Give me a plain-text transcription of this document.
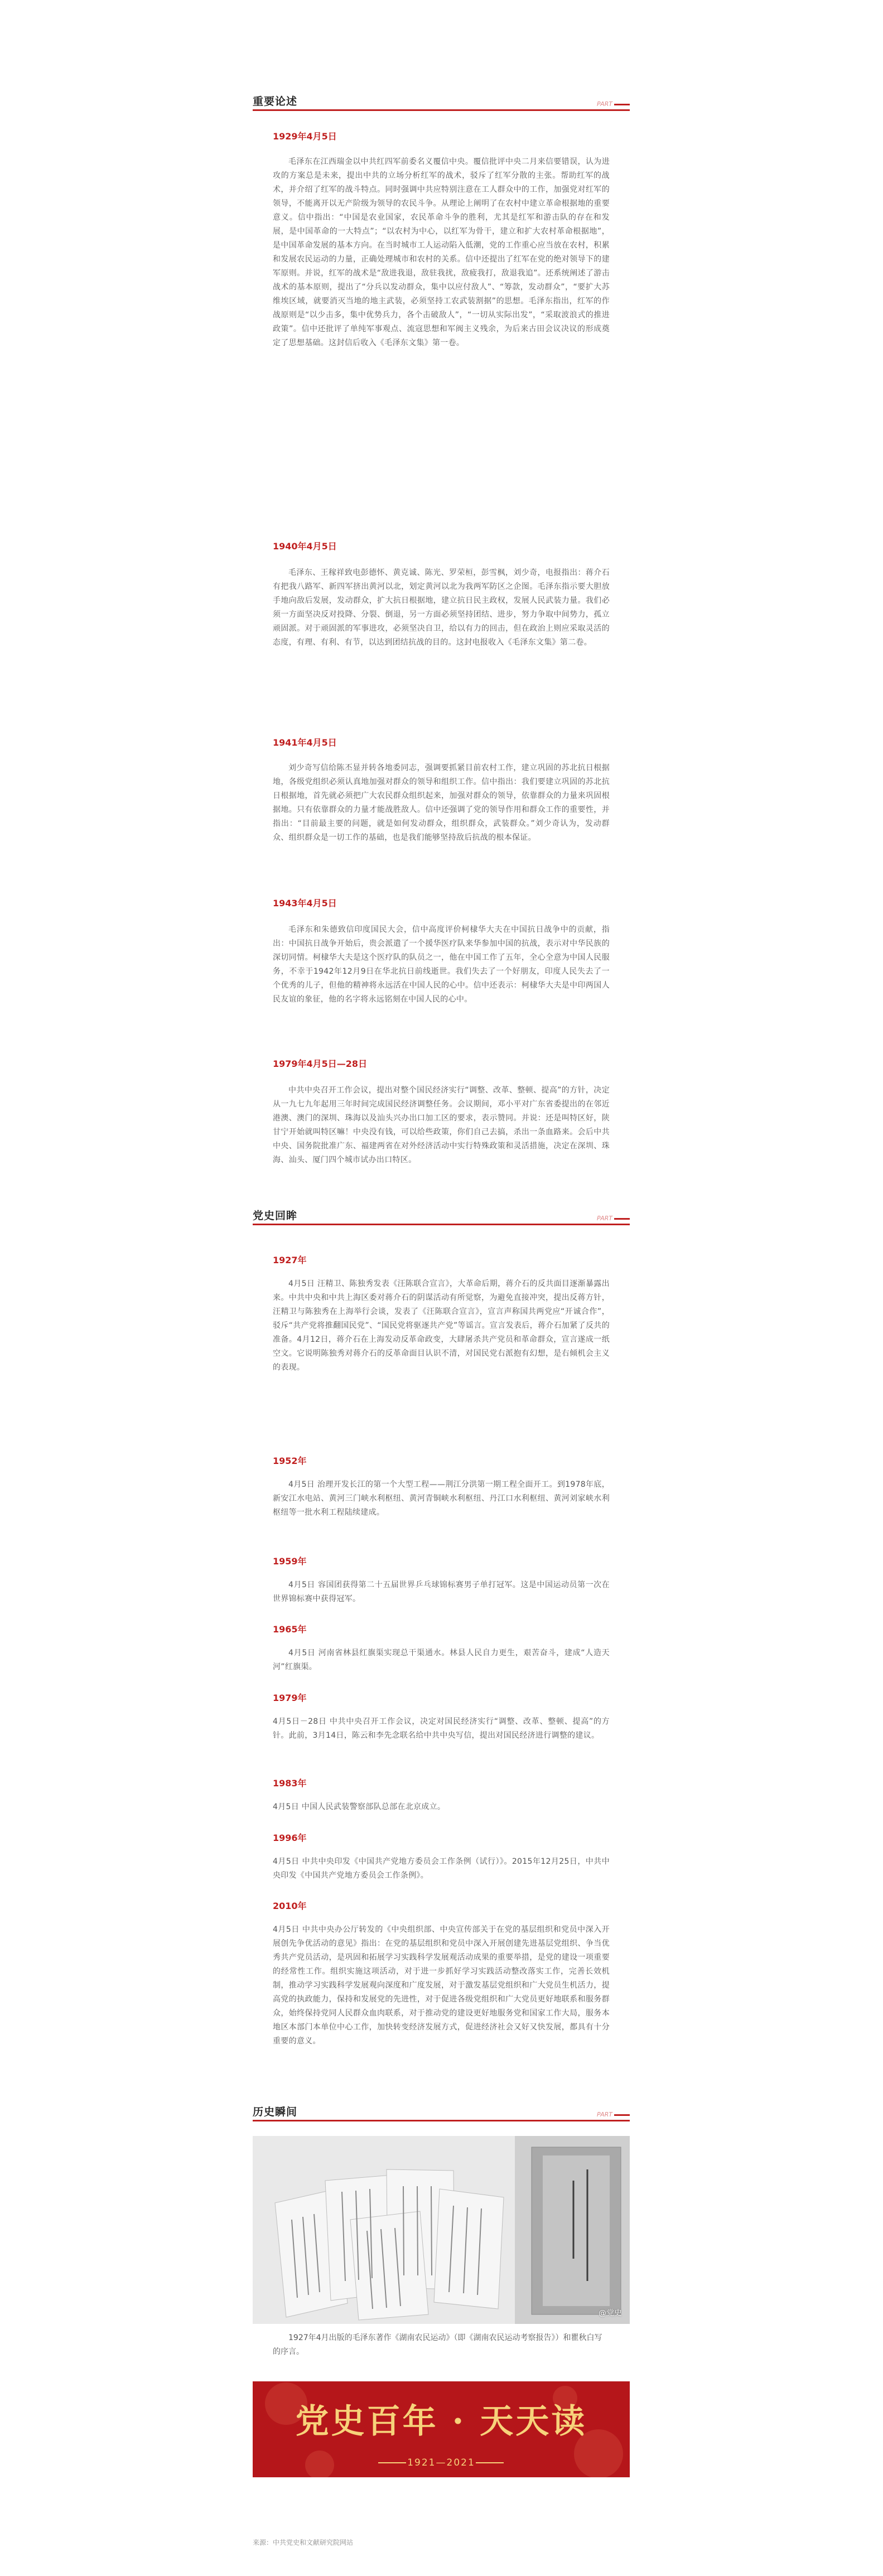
重要论述	PART
1929年4月5日

毛泽东在江西瑞金以中共红四军前委名义覆信中央。覆信批评中央二月来信要错误，认为进攻的方案总是未来，提出中共的立场分析红军的战术，驳斥了红军分散的主张。帮助红军的战术，并介绍了红军的战斗特点。同时强调中共应特别注意在工人群众中的工作，加强党对红军的领导，不能离开以无产阶级为领导的农民斗争。从理论上阐明了在农村中建立革命根据地的重要意义。信中指出：“中国是农业国家，农民革命斗争的胜利，尤其是红军和游击队的存在和发展，是中国革命的一大特点”；“以农村为中心，以红军为骨干，建立和扩大农村革命根据地”，是中国革命发展的基本方向。在当时城市工人运动陷入低潮，党的工作重心应当放在农村，积累和发展农民运动的力量，正确处理城市和农村的关系。信中还提出了红军在党的绝对领导下的建军原则。并说，红军的战术是“敌进我退，敌驻我扰，敌疲我打，敌退我追”。还系统阐述了游击战术的基本原则，提出了“分兵以发动群众，集中以应付敌人”、“筹款，发动群众”，“要扩大苏维埃区域，就要消灭当地的地主武装，必须坚持工农武装割据”的思想。毛泽东指出，红军的作战原则是“以少击多，集中优势兵力，各个击破敌人”，“一切从实际出发”，“采取波浪式的推进政策”。信中还批评了单纯军事观点、流寇思想和军阀主义残余，为后来古田会议决议的形成奠定了思想基础。这封信后收入《毛泽东文集》第一卷。

1940年4月5日

毛泽东、王稼祥致电彭德怀、黄克诚、陈光、罗荣桓，彭雪枫，刘少奇，电报指出：蒋介石有把我八路军、新四军挤出黄河以北，划定黄河以北为我两军防区之企图。毛泽东指示要大胆放手地向敌后发展，发动群众，扩大抗日根据地，建立抗日民主政权，发展人民武装力量。我们必须一方面坚决反对投降、分裂、倒退，另一方面必须坚持团结、进步，努力争取中间势力，孤立顽固派。对于顽固派的军事进攻，必须坚决自卫，给以有力的回击，但在政治上则应采取灵活的态度，有理、有利、有节，以达到团结抗战的目的。这封电报收入《毛泽东文集》第二卷。

1941年4月5日

刘少奇写信给陈丕显并转各地委同志，强调要抓紧目前农村工作，建立巩固的苏北抗日根据地，各级党组织必须认真地加强对群众的领导和组织工作。信中指出：我们要建立巩固的苏北抗日根据地，首先就必须把广大农民群众组织起来，加强对群众的领导，依靠群众的力量来巩固根据地。只有依靠群众的力量才能战胜敌人。信中还强调了党的领导作用和群众工作的重要性，并指出：“目前最主要的问题，就是如何发动群众，组织群众，武装群众。”刘少奇认为，发动群众、组织群众是一切工作的基础，也是我们能够坚持敌后抗战的根本保证。

1943年4月5日

毛泽东和朱德致信印度国民大会，信中高度评价柯棣华大夫在中国抗日战争中的贡献，指出：中国抗日战争开始后，贵会派遣了一个援华医疗队来华参加中国的抗战，表示对中华民族的深切同情。柯棣华大夫是这个医疗队的队员之一，他在中国工作了五年，全心全意为中国人民服务，不幸于1942年12月9日在华北抗日前线逝世。我们失去了一个好朋友，印度人民失去了一个优秀的儿子，但他的精神将永远活在中国人民的心中。信中还表示：柯棣华大夫是中印两国人民友谊的象征，他的名字将永远铭刻在中国人民的心中。

1979年4月5日—28日

中共中央召开工作会议，提出对整个国民经济实行“调整、改革、整顿、提高”的方针，决定从一九七九年起用三年时间完成国民经济调整任务。会议期间，邓小平对广东省委提出的在邻近港澳、澳门的深圳、珠海以及汕头兴办出口加工区的要求，表示赞同。并说：还是叫特区好，陕甘宁开始就叫特区嘛！中央没有钱，可以给些政策，你们自己去搞，杀出一条血路来。会后中共中央、国务院批准广东、福建两省在对外经济活动中实行特殊政策和灵活措施，决定在深圳、珠海、汕头、厦门四个城市试办出口特区。

党史回眸	PART
1927年

4月5日 汪精卫、陈独秀发表《汪陈联合宣言》，大革命后期，蒋介石的反共面目逐渐暴露出来。中共中央和中共上海区委对蒋介石的阴谋活动有所觉察，为避免直接冲突，提出反蒋方针，汪精卫与陈独秀在上海举行会谈，发表了《汪陈联合宣言》，宣言声称国共两党应“开诚合作”，驳斥“共产党将推翻国民党”、“国民党将驱逐共产党”等谣言。宣言发表后，蒋介石加紧了反共的准备。4月12日，蒋介石在上海发动反革命政变，大肆屠杀共产党员和革命群众，宣言遂成一纸空文。它说明陈独秀对蒋介石的反革命面目认识不清，对国民党右派抱有幻想，是右倾机会主义的表现。

1952年

4月5日 治理开发长江的第一个大型工程——荆江分洪第一期工程全面开工。到1978年底，新安江水电站、黄河三门峡水利枢纽、黄河青铜峡水利枢纽、丹江口水利枢纽、黄河刘家峡水利枢纽等一批水利工程陆续建成。

1959年

4月5日 容国团获得第二十五届世界乒乓球锦标赛男子单打冠军。这是中国运动员第一次在世界锦标赛中获得冠军。

1965年

4月5日 河南省林县红旗渠实现总干渠通水。林县人民自力更生，艰苦奋斗，建成“人造天河”红旗渠。

1979年

4月5日－28日 中共中央召开工作会议，决定对国民经济实行“调整、改革、整顿、提高”的方针。此前，3月14日，陈云和李先念联名给中共中央写信，提出对国民经济进行调整的建议。

1983年

4月5日 中国人民武装警察部队总部在北京成立。

1996年

4月5日 中共中央印发《中国共产党地方委员会工作条例（试行）》。2015年12月25日，中共中央印发《中国共产党地方委员会工作条例》。

2010年

4月5日 中共中央办公厅转发的《中央组织部、中央宣传部关于在党的基层组织和党员中深入开展创先争优活动的意见》指出：在党的基层组织和党员中深入开展创建先进基层党组织、争当优秀共产党员活动，是巩固和拓展学习实践科学发展观活动成果的重要举措，是党的建设一项重要的经常性工作。组织实施这项活动，对于进一步抓好学习实践活动整改落实工作，完善长效机制，推动学习实践科学发展观向深度和广度发展，对于激发基层党组织和广大党员生机活力，提高党的执政能力，保持和发展党的先进性，对于促进各级党组织和广大党员更好地联系和服务群众，始终保持党同人民群众血肉联系，对于推动党的建设更好地服务党和国家工作大局，服务本地区本部门本单位中心工作，加快转变经济发展方式，促进经济社会又好又快发展，都具有十分重要的意义。

历史瞬间	PART
@党史
1927年4月出版的毛泽东著作《湖南农民运动》（即《湖南农民运动考察报告》）和瞿秋白写的序言。
党史百年 · 天天读
1921—2021
来源：中共党史和文献研究院网站
